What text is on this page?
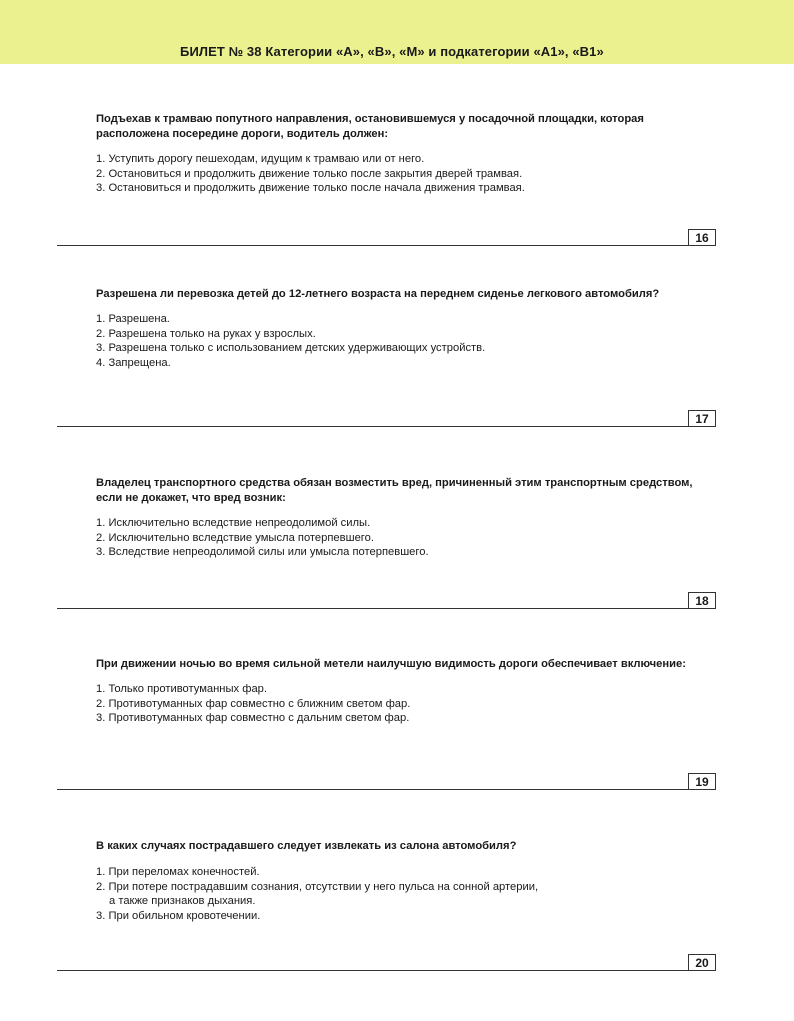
БИЛЕТ № 38 Категории «А», «В», «М» и подкатегории «А1», «В1»

Подъехав к трамваю попутного направления, остановившемуся у посадочной площадки, которая расположена посередине дороги, водитель должен:

1. Уступить дорогу пешеходам, идущим к трамваю или от него.
2. Остановиться и продолжить движение только после закрытия дверей трамвая.
3. Остановиться и продолжить движение только после начала движения трамвая.
16

Разрешена ли перевозка детей до 12-летнего возраста на переднем сиденье легкового автомобиля?

1. Разрешена.
2. Разрешена только на руках у взрослых.
3. Разрешена только с использованием детских удерживающих устройств.
4. Запрещена.
17

Владелец транспортного средства обязан возместить вред, причиненный этим транспортным средством, если не докажет, что вред возник:

1. Исключительно вследствие непреодолимой силы.
2. Исключительно вследствие умысла потерпевшего.
3. Вследствие непреодолимой силы или умысла потерпевшего.
18

При движении ночью во время сильной метели наилучшую видимость дороги обеспечивает включение:

1. Только противотуманных фар.
2. Противотуманных фар совместно с ближним светом фар.
3. Противотуманных фар совместно с дальним светом фар.
19

В каких случаях пострадавшего следует извлекать из салона автомобиля?

1. При переломах конечностей.
2. При потере пострадавшим сознания, отсутствии у него пульса на сонной артерии,
а также признаков дыхания.
3. При обильном кровотечении.
20
